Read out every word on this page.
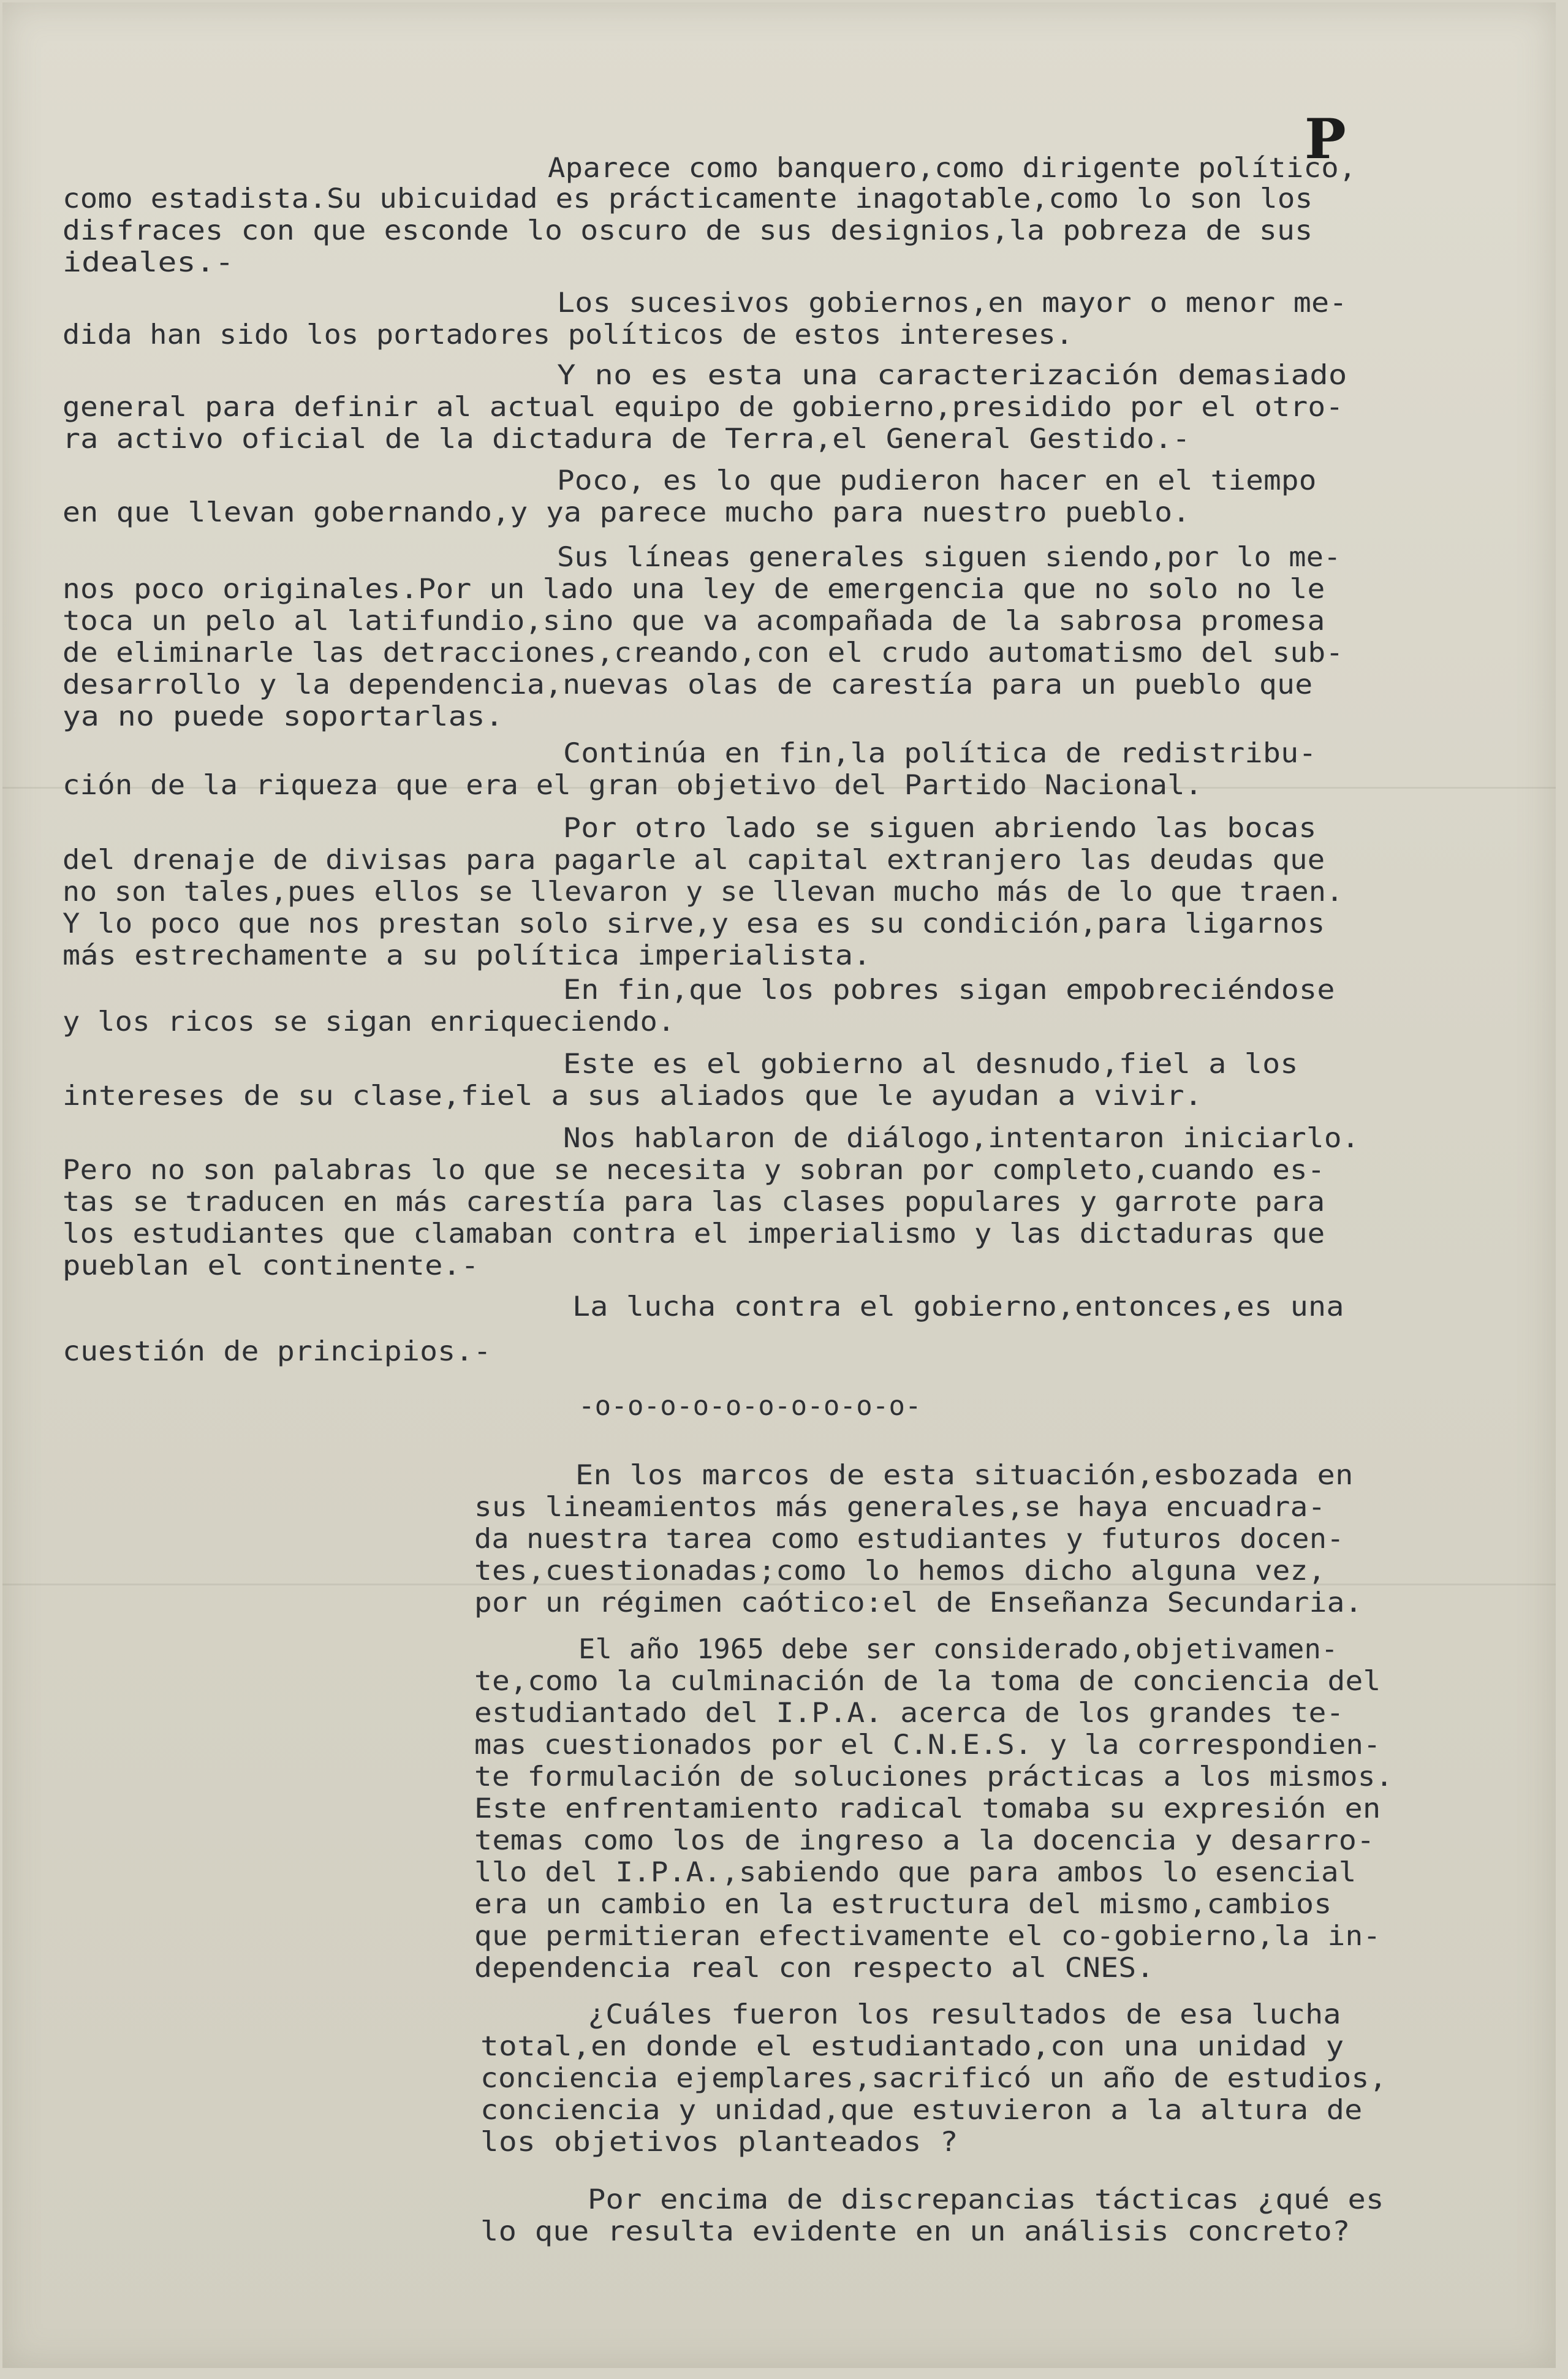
P
Aparece como banquero,como dirigente político,
como estadista.Su ubicuidad es prácticamente inagotable,como lo son los
disfraces con que esconde lo oscuro de sus designios,la pobreza de sus
ideales.-
Los sucesivos gobiernos,en mayor o menor me-
dida han sido los portadores políticos de estos intereses.
Y no es esta una caracterización demasiado
general para definir al actual equipo de gobierno,presidido por el otro-
ra activo oficial de la dictadura de Terra,el General Gestido.-
Poco, es lo que pudieron hacer en el tiempo
en que llevan gobernando,y ya parece mucho para nuestro pueblo.
Sus líneas generales siguen siendo,por lo me-
nos poco originales.Por un lado una ley de emergencia que no solo no le
toca un pelo al latifundio,sino que va acompañada de la sabrosa promesa
de eliminarle las detracciones,creando,con el crudo automatismo del sub-
desarrollo y la dependencia,nuevas olas de carestía para un pueblo que
ya no puede soportarlas.
Continúa en fin,la política de redistribu-
ción de la riqueza que era el gran objetivo del Partido Nacional.
Por otro lado se siguen abriendo las bocas
del drenaje de divisas para pagarle al capital extranjero las deudas que
no son tales,pues ellos se llevaron y se llevan mucho más de lo que traen.
Y lo poco que nos prestan solo sirve,y esa es su condición,para ligarnos
más estrechamente a su política imperialista.
En fin,que los pobres sigan empobreciéndose
y los ricos se sigan enriqueciendo.
Este es el gobierno al desnudo,fiel a los
intereses de su clase,fiel a sus aliados que le ayudan a vivir.
Nos hablaron de diálogo,intentaron iniciarlo.
Pero no son palabras lo que se necesita y sobran por completo,cuando es-
tas se traducen en más carestía para las clases populares y garrote para
los estudiantes que clamaban contra el imperialismo y las dictaduras que
pueblan el continente.-
La lucha contra el gobierno,entonces,es una
cuestión de principios.-
-o-o-o-o-o-o-o-o-o-o-
En los marcos de esta situación,esbozada en
sus lineamientos más generales,se haya encuadra-
da nuestra tarea como estudiantes y futuros docen-
tes,cuestionadas;como lo hemos dicho alguna vez,
por un régimen caótico:el de Enseñanza Secundaria.
El año 1965 debe ser considerado,objetivamen-
te,como la culminación de la toma de conciencia del
estudiantado del I.P.A. acerca de los grandes te-
mas cuestionados por el C.N.E.S. y la correspondien-
te formulación de soluciones prácticas a los mismos.
Este enfrentamiento radical tomaba su expresión en
temas como los de ingreso a la docencia y desarro-
llo del I.P.A.,sabiendo que para ambos lo esencial
era un cambio en la estructura del mismo,cambios
que permitieran efectivamente el co-gobierno,la in-
dependencia real con respecto al CNES.
¿Cuáles fueron los resultados de esa lucha
total,en donde el estudiantado,con una unidad y
conciencia ejemplares,sacrificó un año de estudios,
conciencia y unidad,que estuvieron a la altura de
los objetivos planteados ?
Por encima de discrepancias tácticas ¿qué es
lo que resulta evidente en un análisis concreto?
